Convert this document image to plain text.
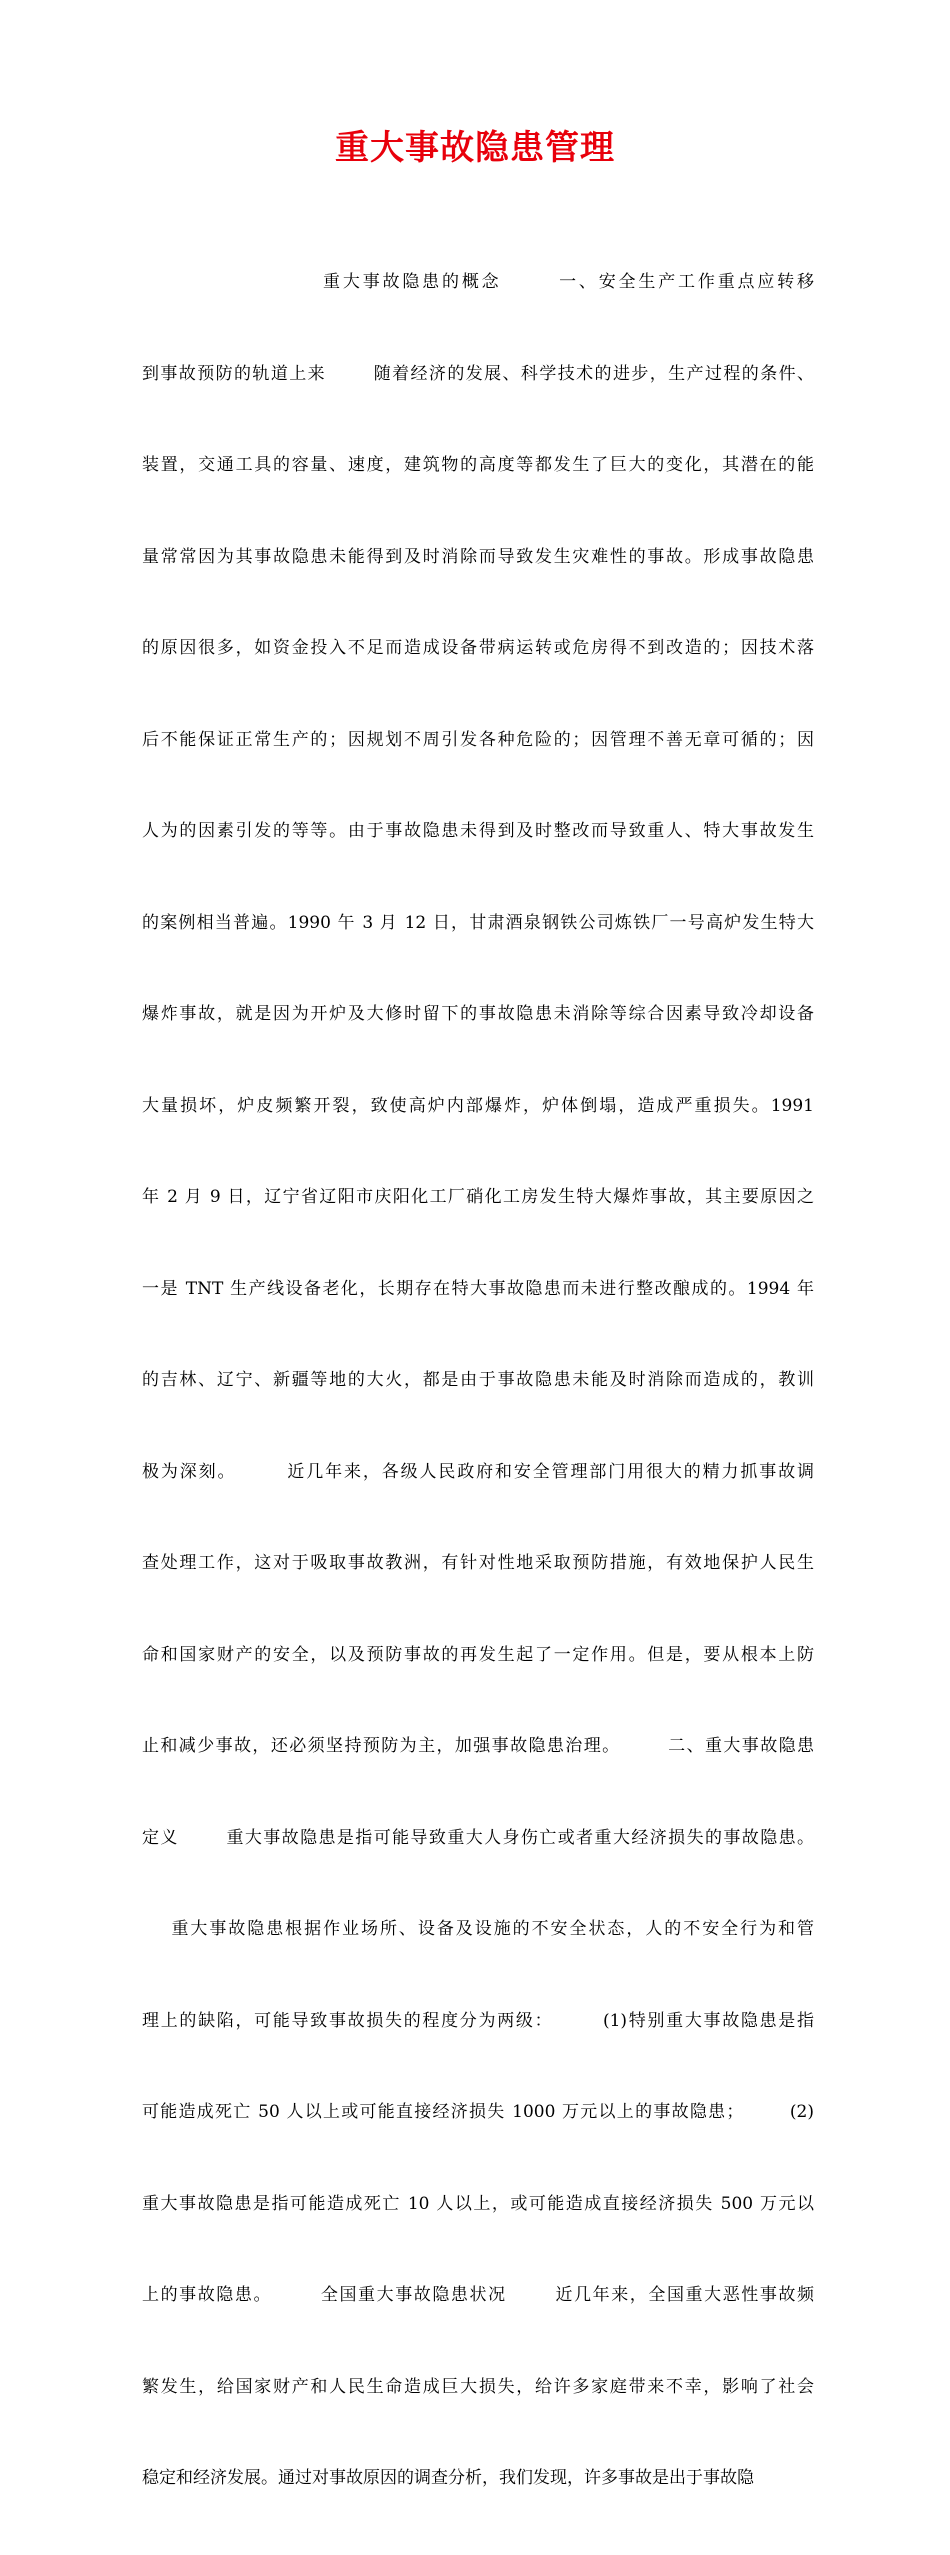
重大事故隐患管理

重大事故隐患的概念       一、安全生产工作重点应转移

到事故预防的轨道上来       随着经济的发展、科学技术的进步，生产过程的条件、

装置，交通工具的容量、速度，建筑物的高度等都发生了巨大的变化，其潜在的能

量常常因为其事故隐患未能得到及时消除而导致发生灾难性的事故。形成事故隐患

的原因很多，如资金投入不足而造成设备带病运转或危房得不到改造的；因技术落

后不能保证正常生产的；因规划不周引发各种危险的；因管理不善无章可循的；因

人为的因素引发的等等。由于事故隐患未得到及时整改而导致重人、特大事故发生

的案例相当普遍。1990 午 3 月 12 日，甘肃酒泉钢铁公司炼铁厂一号高炉发生特大

爆炸事故，就是因为开炉及大修时留下的事故隐患未消除等综合因素导致冷却设备

大量损坏，炉皮频繁开裂，致使高炉内部爆炸，炉体倒塌，造成严重损失。1991

年 2 月 9 日，辽宁省辽阳市庆阳化工厂硝化工房发生特大爆炸事故，其主要原因之

一是 TNT 生产线设备老化，长期存在特大事故隐患而未进行整改酿成的。1994 年

的吉林、辽宁、新疆等地的大火，都是由于事故隐患未能及时消除而造成的，教训

极为深刻。       近几年来，各级人民政府和安全管理部门用很大的精力抓事故调

查处理工作，这对于吸取事故教洲，有针对性地采取预防措施，有效地保护人民生

命和国家财产的安全，以及预防事故的再发生起了一定作用。但是，要从根本上防

止和减少事故，还必须坚持预防为主，加强事故隐患治理。       二、重大事故隐患

定义       重大事故隐患是指可能导致重大人身伤亡或者重大经济损失的事故隐患。

重大事故隐患根据作业场所、设备及设施的不安全状态，人的不安全行为和管

理上的缺陷，可能导致事故损失的程度分为两级：       (1)特别重大事故隐患是指

可能造成死亡 50 人以上或可能直接经济损失 1000 万元以上的事故隐患；       (2)

重大事故隐患是指可能造成死亡 10 人以上，或可能造成直接经济损失 500 万元以

上的事故隐患。       全国重大事故隐患状况       近几年来，全国重大恶性事故频

繁发生，给国家财产和人民生命造成巨大损失，给许多家庭带来不幸，影响了社会

稳定和经济发展。通过对事故原因的调查分析，我们发现，许多事故是出于事故隐
